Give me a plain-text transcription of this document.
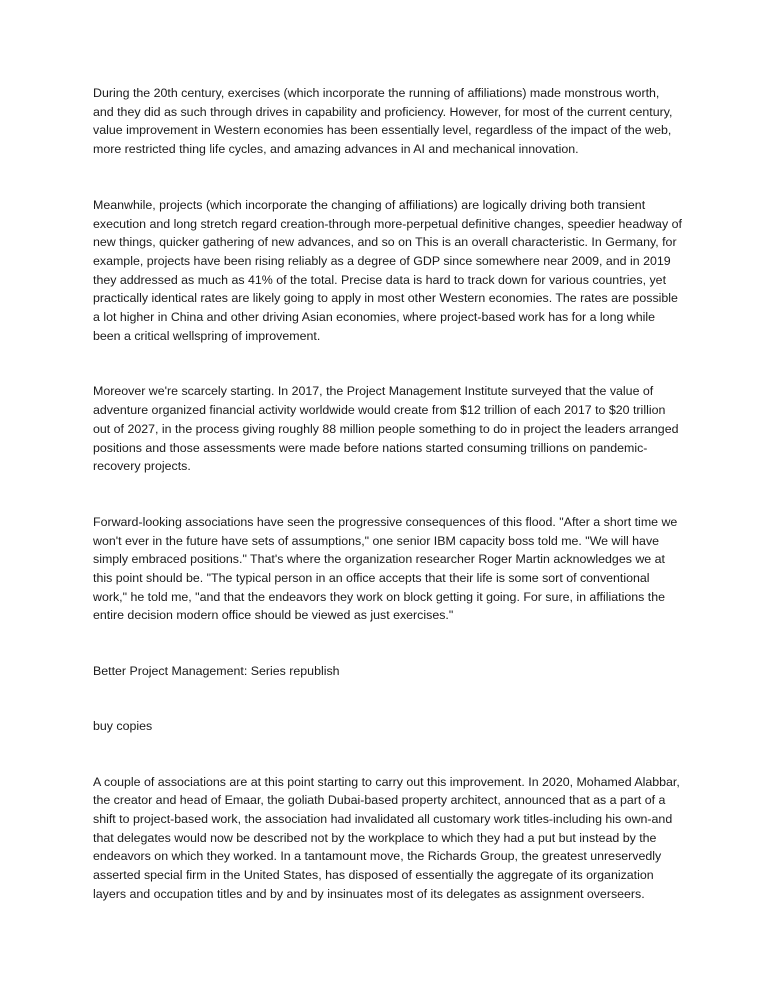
During the 20th century, exercises (which incorporate the running of affiliations) made monstrous worth, and they did as such through drives in capability and proficiency. However, for most of the current century, value improvement in Western economies has been essentially level, regardless of the impact of the web, more restricted thing life cycles, and amazing advances in AI and mechanical innovation.

Meanwhile, projects (which incorporate the changing of affiliations) are logically driving both transient execution and long stretch regard creation-through more-perpetual definitive changes, speedier headway of new things, quicker gathering of new advances, and so on This is an overall characteristic. In Germany, for example, projects have been rising reliably as a degree of GDP since somewhere near 2009, and in 2019 they addressed as much as 41% of the total. Precise data is hard to track down for various countries, yet practically identical rates are likely going to apply in most other Western economies. The rates are possible a lot higher in China and other driving Asian economies, where project-based work has for a long while been a critical wellspring of improvement.

Moreover we're scarcely starting. In 2017, the Project Management Institute surveyed that the value of adventure organized financial activity worldwide would create from $12 trillion of each 2017 to $20 trillion out of 2027, in the process giving roughly 88 million people something to do in project the leaders arranged positions and those assessments were made before nations started consuming trillions on pandemic-recovery projects.

Forward-looking associations have seen the progressive consequences of this flood. "After a short time we won't ever in the future have sets of assumptions," one senior IBM capacity boss told me. "We will have simply embraced positions." That's where the organization researcher Roger Martin acknowledges we at this point should be. "The typical person in an office accepts that their life is some sort of conventional work," he told me, "and that the endeavors they work on block getting it going. For sure, in affiliations the entire decision modern office should be viewed as just exercises."

Better Project Management: Series republish

buy copies

A couple of associations are at this point starting to carry out this improvement. In 2020, Mohamed Alabbar, the creator and head of Emaar, the goliath Dubai-based property architect, announced that as a part of a shift to project-based work, the association had invalidated all customary work titles-including his own-and that delegates would now be described not by the workplace to which they had a put but instead by the endeavors on which they worked. In a tantamount move, the Richards Group, the greatest unreservedly asserted special firm in the United States, has disposed of essentially the aggregate of its organization layers and occupation titles and by and by insinuates most of its delegates as assignment overseers.
